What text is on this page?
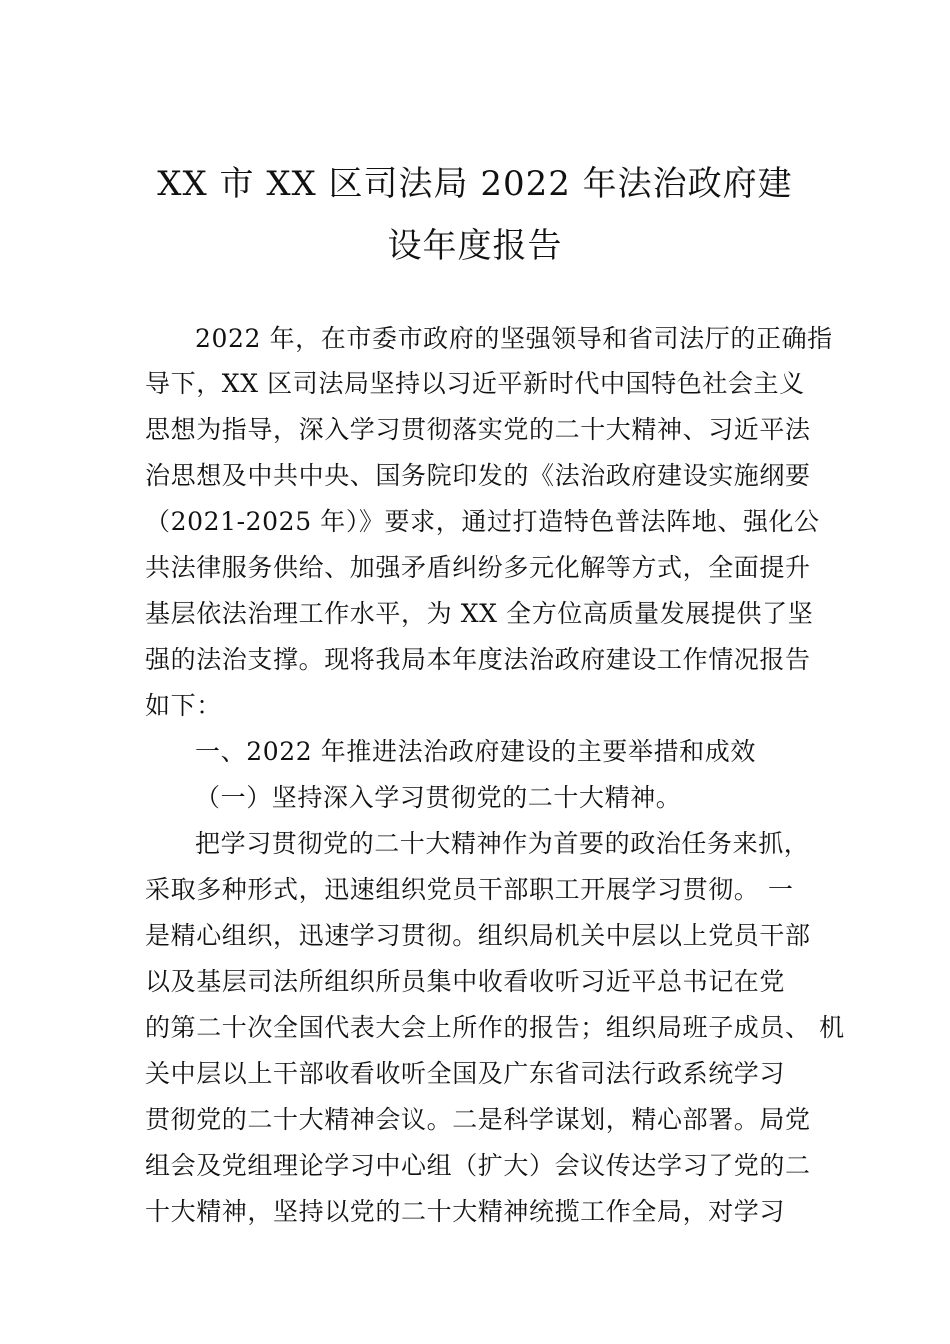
XX 市 XX 区司法局 2022 年法治政府建
设年度报告
2022 年，在市委市政府的坚强领导和省司法厅的正确指
导下，XX 区司法局坚持以习近平新时代中国特色社会主义
思想为指导，深入学习贯彻落实党的二十大精神、习近平法
治思想及中共中央、国务院印发的《法治政府建设实施纲要
（2021-2025 年）》要求，通过打造特色普法阵地、强化公
共法律服务供给、加强矛盾纠纷多元化解等方式，全面提升
基层依法治理工作水平，为 XX 全方位高质量发展提供了坚
强的法治支撑。现将我局本年度法治政府建设工作情况报告
如下：
一、2022 年推进法治政府建设的主要举措和成效
（一）坚持深入学习贯彻党的二十大精神。
把学习贯彻党的二十大精神作为首要的政治任务来抓，
采取多种形式，迅速组织党员干部职工开展学习贯彻。 一
是精心组织，迅速学习贯彻。组织局机关中层以上党员干部
以及基层司法所组织所员集中收看收听习近平总书记在党
的第二十次全国代表大会上所作的报告；组织局班子成员、 机
关中层以上干部收看收听全国及广东省司法行政系统学习
贯彻党的二十大精神会议。二是科学谋划，精心部署。局党
组会及党组理论学习中心组（扩大）会议传达学习了党的二
十大精神，坚持以党的二十大精神统揽工作全局，对学习
